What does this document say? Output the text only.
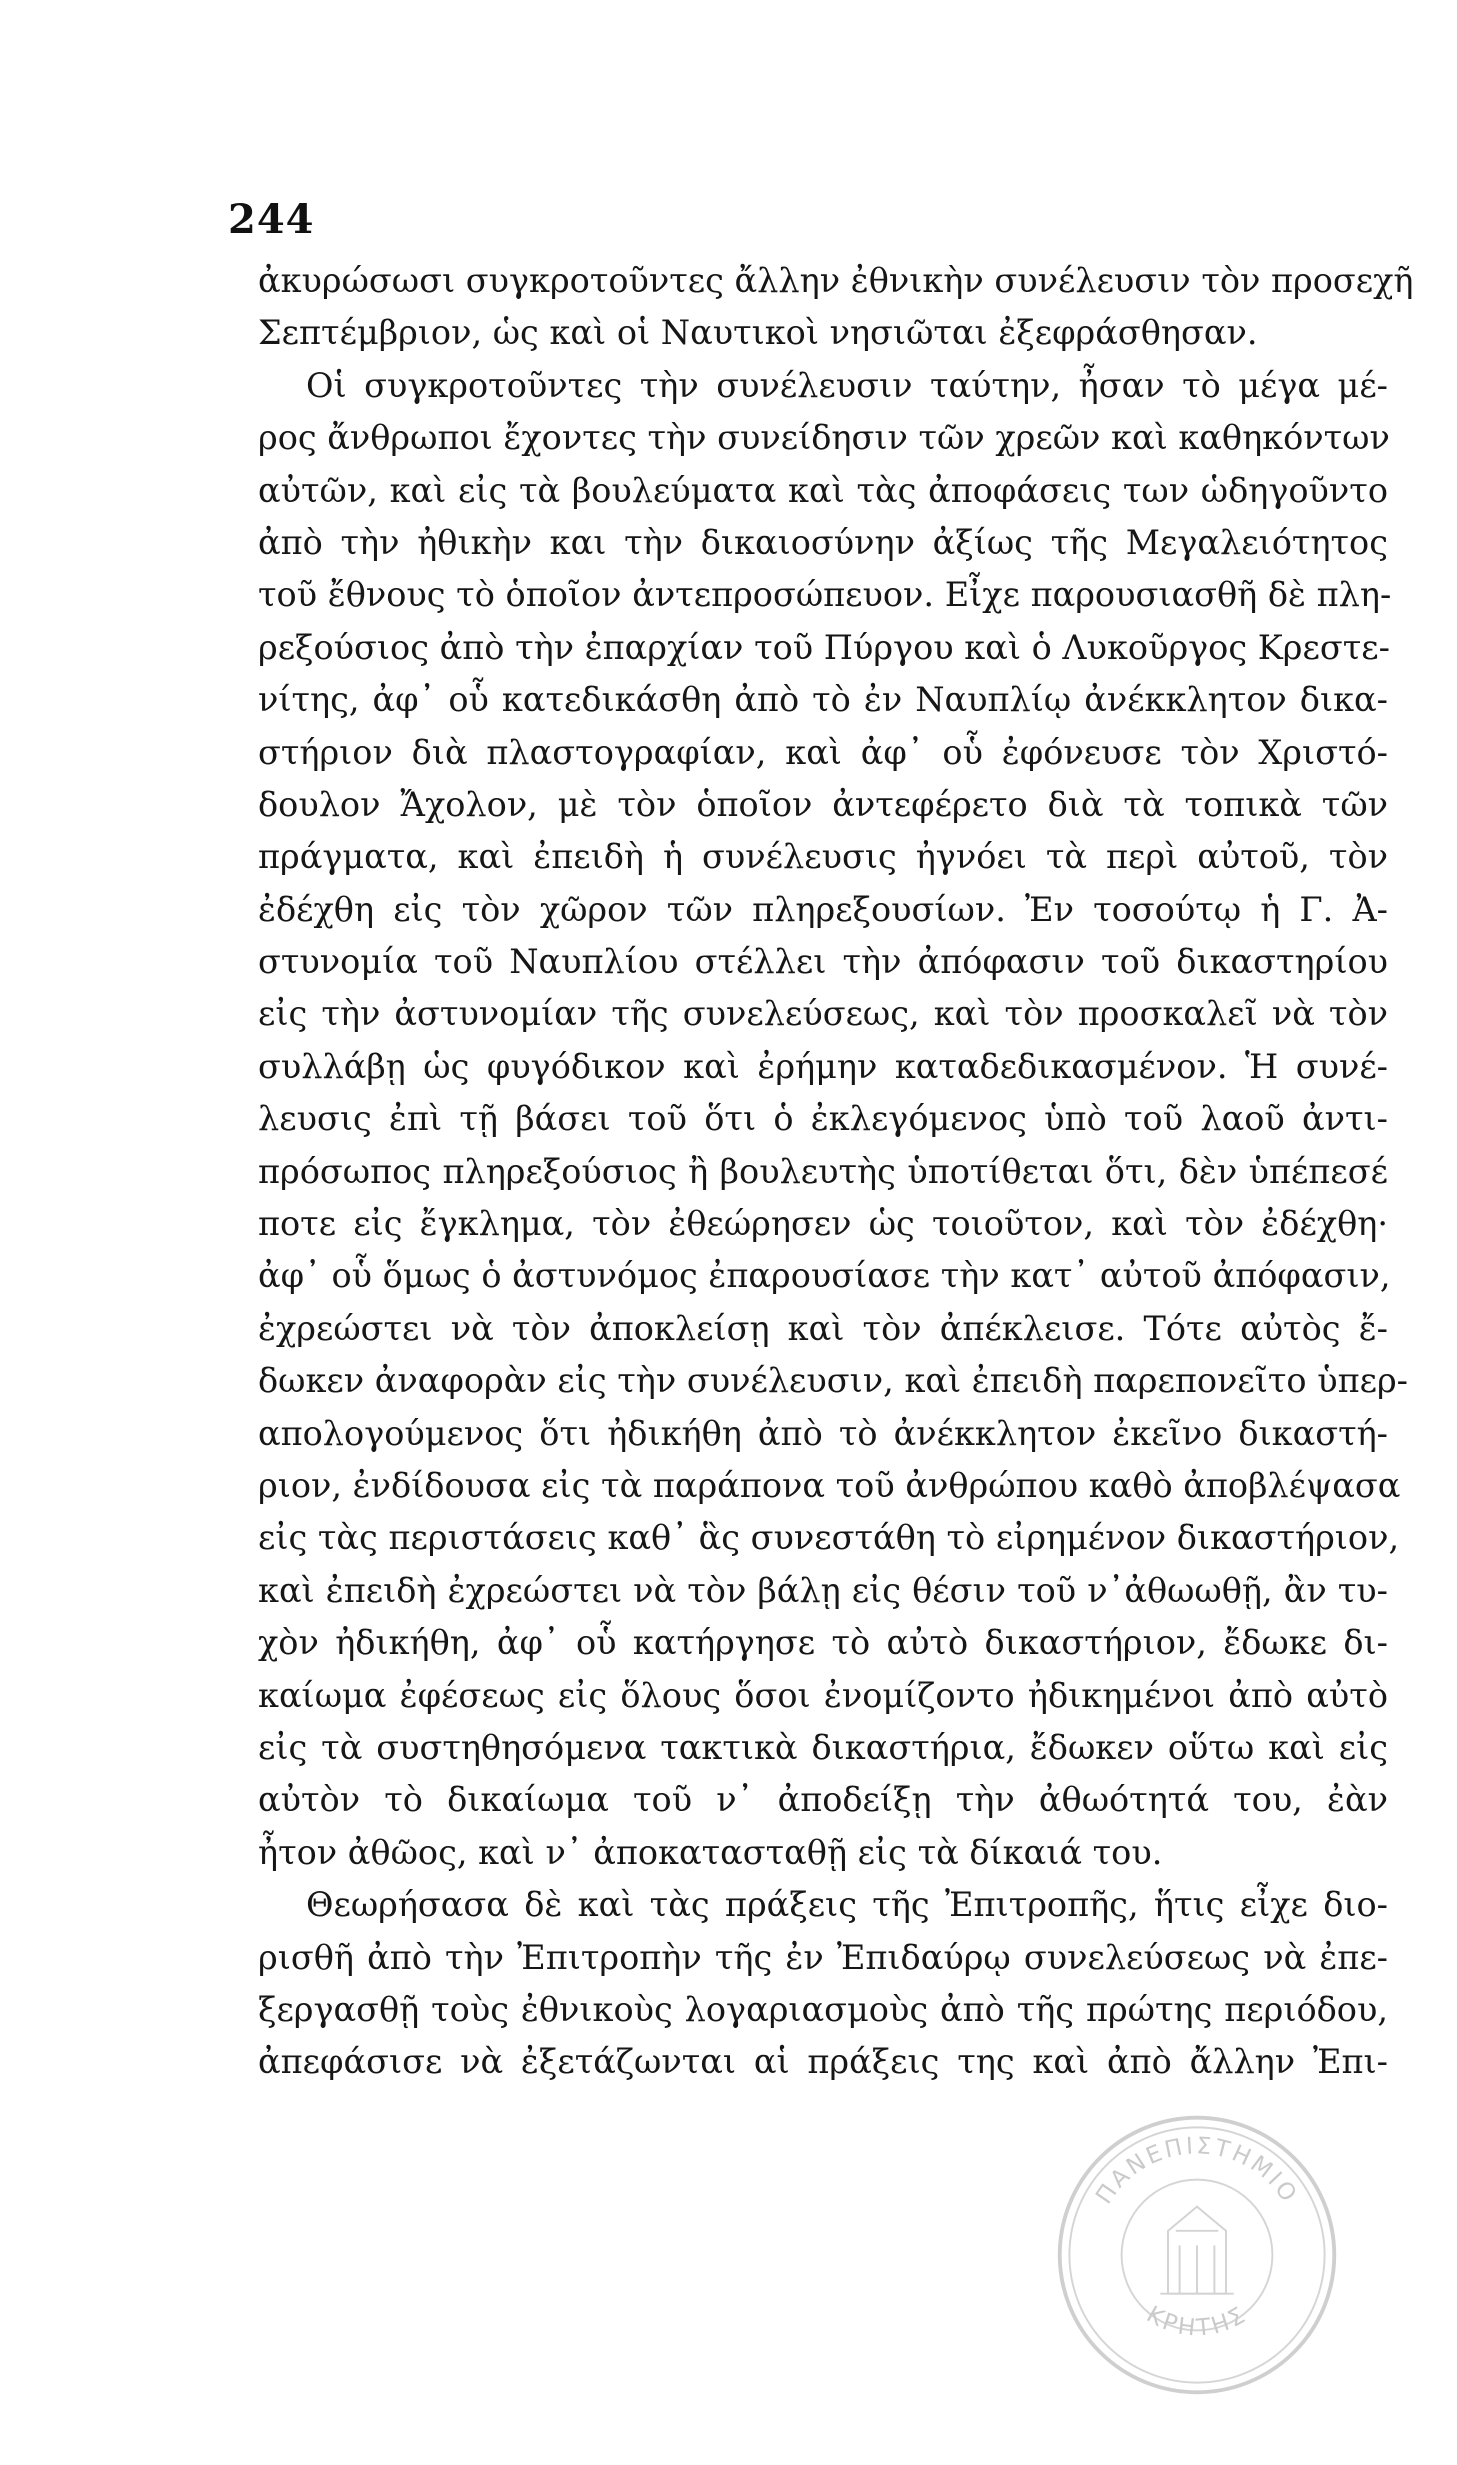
244
ἀκυρώσωσι συγκροτοῦντες ἄλλην ἐθνικὴν συνέλευσιν τὸν προσεχῆ
Σεπτέμβριον, ὡς καὶ οἱ Ναυτικοὶ νησιῶται ἐξεφράσθησαν.
Οἱ συγκροτοῦντες τὴν συνέλευσιν ταύτην, ἦσαν τὸ μέγα μέ-
ρος ἄνθρωποι ἔχοντες τὴν συνείδησιν τῶν χρεῶν καὶ καθηκόντων
αὐτῶν, καὶ εἰς τὰ βουλεύματα καὶ τὰς ἀποφάσεις των ὡδηγοῦντο
ἀπὸ τὴν ἠθικὴν και τὴν δικαιοσύνην ἀξίως τῆς Μεγαλειότητος
τοῦ ἔθνους τὸ ὁποῖον ἀντεπροσώπευον. Εἶχε παρουσιασθῆ δὲ πλη-
ρεξούσιος ἀπὸ τὴν ἐπαρχίαν τοῦ Πύργου καὶ ὁ Λυκοῦργος Κρεστε-
νίτης, ἀφ᾿ οὗ κατεδικάσθη ἀπὸ τὸ ἐν Ναυπλίῳ ἀνέκκλητον δικα-
στήριον διὰ πλαστογραφίαν, καὶ ἀφ᾿ οὗ ἐφόνευσε τὸν Χριστό-
δουλον Ἄχολον, μὲ τὸν ὁποῖον ἀντεφέρετο διὰ τὰ τοπικὰ τῶν
πράγματα, καὶ ἐπειδὴ ἡ συνέλευσις ἠγνόει τὰ περὶ αὐτοῦ, τὸν
ἐδέχθη εἰς τὸν χῶρον τῶν πληρεξουσίων. Ἐν τοσούτῳ ἡ Γ. Ἀ-
στυνομία τοῦ Ναυπλίου στέλλει τὴν ἀπόφασιν τοῦ δικαστηρίου
εἰς τὴν ἀστυνομίαν τῆς συνελεύσεως, καὶ τὸν προσκαλεῖ νὰ τὸν
συλλάβῃ ὡς φυγόδικον καὶ ἐρήμην καταδεδικασμένον. Ἡ συνέ-
λευσις ἐπὶ τῇ βάσει τοῦ ὅτι ὁ ἐκλεγόμενος ὑπὸ τοῦ λαοῦ ἀντι-
πρόσωπος πληρεξούσιος ἢ βουλευτὴς ὑποτίθεται ὅτι, δὲν ὑπέπεσέ
ποτε εἰς ἔγκλημα, τὸν ἐθεώρησεν ὡς τοιοῦτον, καὶ τὸν ἐδέχθη·
ἀφ᾿ οὗ ὅμως ὁ ἀστυνόμος ἐπαρουσίασε τὴν κατ᾿ αὐτοῦ ἀπόφασιν,
ἐχρεώστει νὰ τὸν ἀποκλείσῃ καὶ τὸν ἀπέκλεισε. Τότε αὐτὸς ἔ-
δωκεν ἀναφορὰν εἰς τὴν συνέλευσιν, καὶ ἐπειδὴ παρεπονεῖτο ὑπερ-
απολογούμενος ὅτι ἠδικήθη ἀπὸ τὸ ἀνέκκλητον ἐκεῖνο δικαστή-
ριον, ἐνδίδουσα εἰς τὰ παράπονα τοῦ ἀνθρώπου καθὸ ἀποβλέψασα
εἰς τὰς περιστάσεις καθ᾿ ἃς συνεστάθη τὸ εἰρημένον δικαστήριον,
καὶ ἐπειδὴ ἐχρεώστει νὰ τὸν βάλῃ εἰς θέσιν τοῦ ν᾿ἀθωωθῇ, ἂν τυ-
χὸν ἠδικήθη, ἀφ᾿ οὗ κατήργησε τὸ αὐτὸ δικαστήριον, ἔδωκε δι-
καίωμα ἐφέσεως εἰς ὅλους ὅσοι ἐνομίζοντο ἠδικημένοι ἀπὸ αὐτὸ
εἰς τὰ συστηθησόμενα τακτικὰ δικαστήρια, ἔδωκεν οὕτω καὶ εἰς
αὐτὸν τὸ δικαίωμα τοῦ ν᾿ ἀποδείξῃ τὴν ἀθωότητά του, ἐὰν
ἦτον ἀθῶος, καὶ ν᾿ ἀποκατασταθῇ εἰς τὰ δίκαιά του.
Θεωρήσασα δὲ καὶ τὰς πράξεις τῆς Ἐπιτροπῆς, ἥτις εἶχε διο-
ρισθῆ ἀπὸ τὴν Ἐπιτροπὴν τῆς ἐν Ἐπιδαύρῳ συνελεύσεως νὰ ἐπε-
ξεργασθῇ τοὺς ἐθνικοὺς λογαριασμοὺς ἀπὸ τῆς πρώτης περιόδου,
ἀπεφάσισε νὰ ἐξετάζωνται αἱ πράξεις της καὶ ἀπὸ ἄλλην Ἐπι-
ΠΑΝΕΠΙΣΤΗΜΙΟ
ΚΡΗΤΗΣ
